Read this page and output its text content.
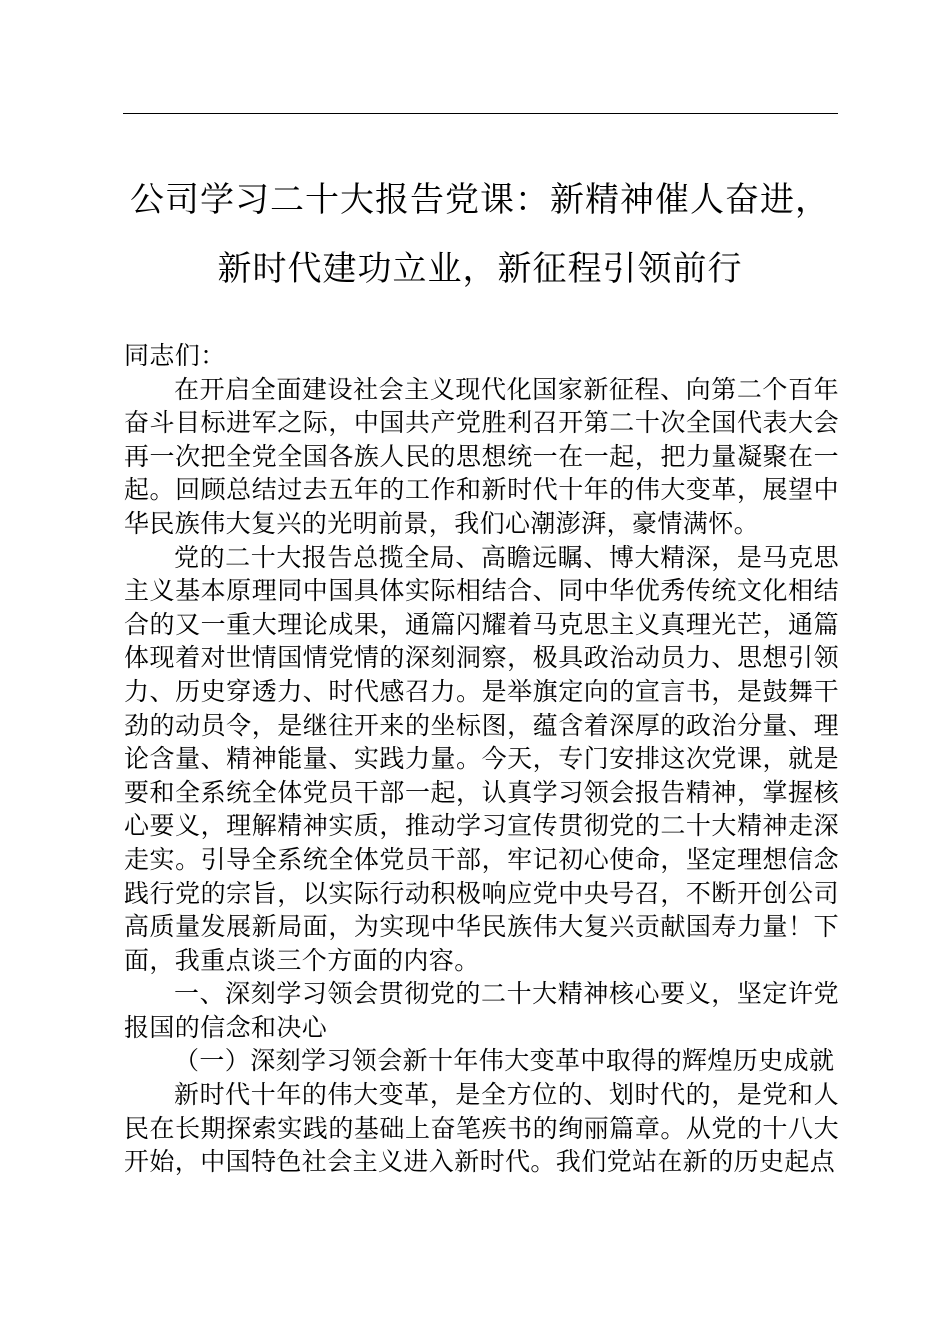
公司学习二十大报告党课：新精神催人奋进，
新时代建功立业，新征程引领前行

同志们：

在开启全面建设社会主义现代化国家新征程、向第二个百年奋斗目标进军之际，中国共产党胜利召开第二十次全国代表大会再一次把全党全国各族人民的思想统一在一起，把力量凝聚在一起。回顾总结过去五年的工作和新时代十年的伟大变革，展望中华民族伟大复兴的光明前景，我们心潮澎湃，豪情满怀。

党的二十大报告总揽全局、高瞻远瞩、博大精深，是马克思主义基本原理同中国具体实际相结合、同中华优秀传统文化相结合的又一重大理论成果，通篇闪耀着马克思主义真理光芒，通篇体现着对世情国情党情的深刻洞察，极具政治动员力、思想引领力、历史穿透力、时代感召力。是举旗定向的宣言书，是鼓舞干劲的动员令，是继往开来的坐标图，蕴含着深厚的政治分量、理论含量、精神能量、实践力量。今天，专门安排这次党课，就是要和全系统全体党员干部一起，认真学习领会报告精神，掌握核心要义，理解精神实质，推动学习宣传贯彻党的二十大精神走深走实。引导全系统全体党员干部，牢记初心使命，坚定理想信念践行党的宗旨，以实际行动积极响应党中央号召，不断开创公司高质量发展新局面，为实现中华民族伟大复兴贡献国寿力量！下面，我重点谈三个方面的内容。

一、深刻学习领会贯彻党的二十大精神核心要义，坚定许党报国的信念和决心

（一）深刻学习领会新十年伟大变革中取得的辉煌历史成就

新时代十年的伟大变革，是全方位的、划时代的，是党和人民在长期探索实践的基础上奋笔疾书的绚丽篇章。从党的十八大开始，中国特色社会主义进入新时代。我们党站在新的历史起点
